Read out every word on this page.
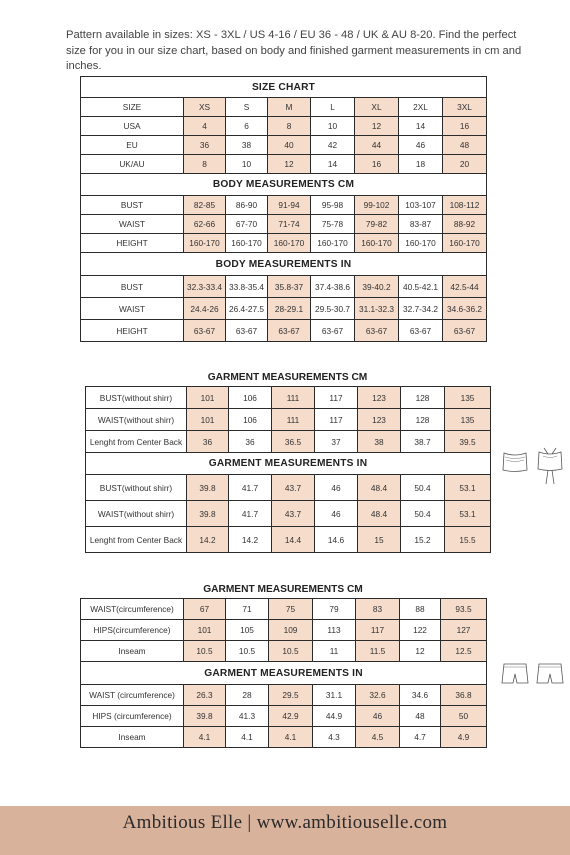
Pattern available in sizes: XS - 3XL / US 4-16 / EU 36 - 48 / UK & AU 8-20. Find the perfect size for you in our size chart, based on body and finished garment measurements in cm and inches.
SIZE CHART							
SIZE	XS	S	M	L	XL	2XL	3XL
USA	4	6	8	10	12	14	16
EU	36	38	40	42	44	46	48
UK/AU	8	10	12	14	16	18	20
BODY MEASUREMENTS CM							
BUST	82-85	86-90	91-94	95-98	99-102	103-107	108-112
WAIST	62-66	67-70	71-74	75-78	79-82	83-87	88-92
HEIGHT	160-170	160-170	160-170	160-170	160-170	160-170	160-170
BODY MEASUREMENTS IN							
BUST	32.3-33.4	33.8-35.4	35.8-37	37.4-38.6	39-40.2	40.5-42.1	42.5-44
WAIST	24.4-26	26.4-27.5	28-29.1	29.5-30.7	31.1-32.3	32.7-34.2	34.6-36.2
HEIGHT	63-67	63-67	63-67	63-67	63-67	63-67	63-67
GARMENT MEASUREMENTS CM
BUST(without shirr)	101	106	111	117	123	128	135
WAIST(without shirr)	101	106	111	117	123	128	135
Lenght from Center Back	36	36	36.5	37	38	38.7	39.5
GARMENT MEASUREMENTS IN							
BUST(without shirr)	39.8	41.7	43.7	46	48.4	50.4	53.1
WAIST(without shirr)	39.8	41.7	43.7	46	48.4	50.4	53.1
Lenght from Center Back	14.2	14.2	14.4	14.6	15	15.2	15.5
GARMENT MEASUREMENTS CM
WAIST(circumference)	67	71	75	79	83	88	93.5
HIPS(circumference)	101	105	109	113	117	122	127
Inseam	10.5	10.5	10.5	11	11.5	12	12.5
GARMENT MEASUREMENTS IN							
WAIST (circumference)	26.3	28	29.5	31.1	32.6	34.6	36.8
HIPS (circumference)	39.8	41.3	42.9	44.9	46	48	50
Inseam	4.1	4.1	4.1	4.3	4.5	4.7	4.9
Ambitious Elle | www.ambitiouselle.com
